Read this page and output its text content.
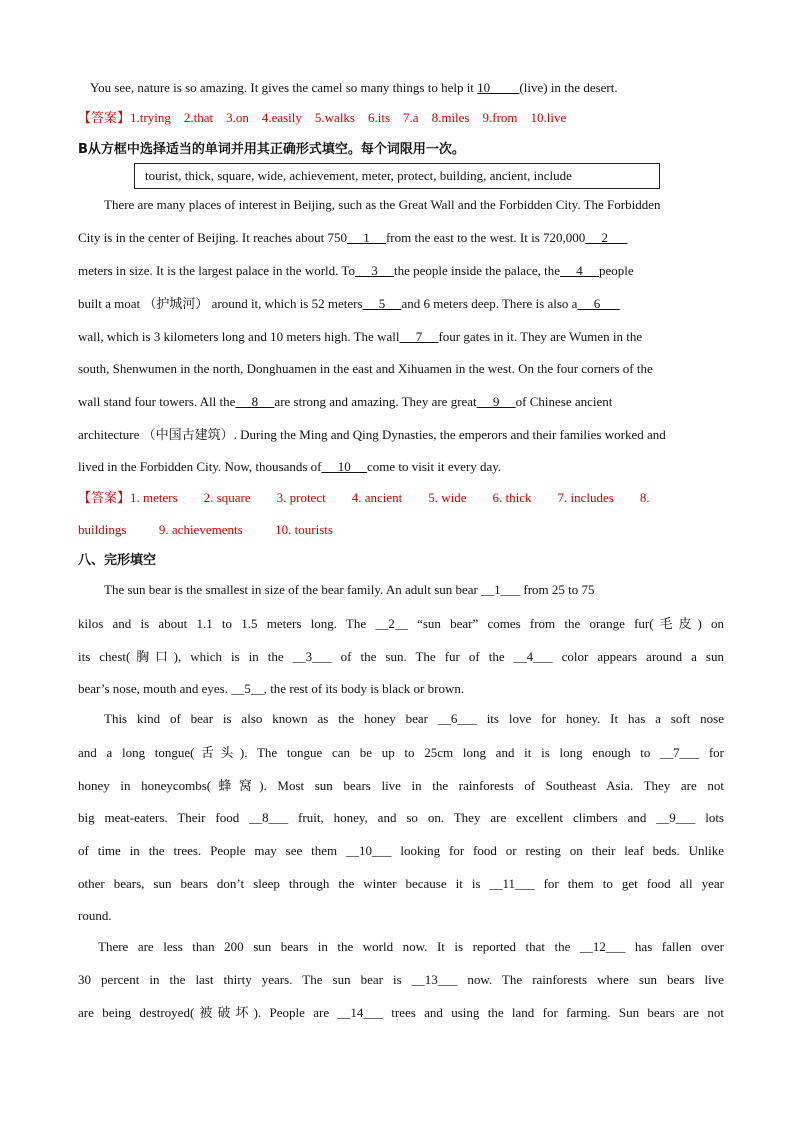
You see, nature is so amazing. It gives the camel so many things to help it 10         (live) in the desert.
【答案】1.trying 2.that 3.on 4.easily 5.walks 6.its 7.a 8.miles 9.from 10.live
B从方框中选择适当的单词并用其正确形式填空。每个词限用一次。
tourist, thick, square, wide, achievement, meter, protect, building, ancient, include
There are many places of interest in Beijing, such as the Great Wall and the Forbidden City. The Forbidden
City is in the center of Beijing. It reaches about 750     1     from the east to the west. It is 720,000     2
meters in size. It is the largest palace in the world. To     3     the people inside the palace, the     4     people
built a moat （护城河） around it, which is 52 meters     5     and 6 meters deep. There is also a     6
wall, which is 3 kilometers long and 10 meters high. The wall     7     four gates in it. They are Wumen in the
south, Shenwumen in the north, Donghuamen in the east and Xihuamen in the west. On the four corners of the
wall stand four towers. All the     8     are strong and amazing. They are great     9     of Chinese ancient
architecture （中国古建筑）. During the Ming and Qing Dynasties, the emperors and their families worked and
lived in the Forbidden City. Now, thousands of     10     come to visit it every day.
【答案】1. meters 2. square 3. protect 4. ancient 5. wide 6. thick 7. includes 8.
buildings	9. achievements	10. tourists
八、完形填空
The sun bear is the smallest in size of the bear family. An adult sun bear __1___ from 25 to 75
kilos and is about 1.1 to 1.5 meters long. The __2__ “sun bear” comes from the orange fur(毛皮) on
its chest(胸口), which is in the __3___ of the sun. The fur of the __4___ color appears around a sun
bear’s nose, mouth and eyes. __5__, the rest of its body is black or brown.
This kind of bear is also known as the honey bear __6___ its love for honey. It has a soft nose
and a long tongue(舌头). The tongue can be up to 25cm long and it is long enough to __7___ for
honey in honeycombs(蜂窝). Most sun bears live in the rainforests of Southeast Asia. They are not
big meat-eaters. Their food __8___ fruit, honey, and so on. They are excellent climbers and __9___ lots
of time in the trees. People may see them __10___ looking for food or resting on their leaf beds. Unlike
other bears, sun bears don’t sleep through the winter because it is __11___ for them to get food all year
round.
There are less than 200 sun bears in the world now. It is reported that the __12___ has fallen over
30 percent in the last thirty years. The sun bear is __13___ now. The rainforests where sun bears live
are being destroyed(被破坏). People are __14___ trees and using the land for farming. Sun bears are not
